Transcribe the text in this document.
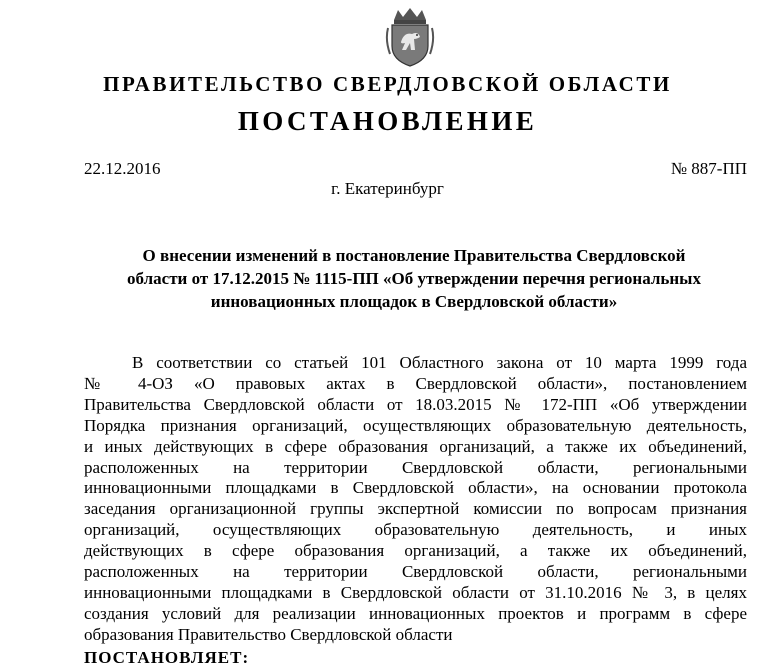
ПРАВИТЕЛЬСТВО СВЕРДЛОВСКОЙ ОБЛАСТИ
ПОСТАНОВЛЕНИЕ
22.12.2016	№ 887-ПП
г. Екатеринбург
О внесении изменений в постановление Правительства Свердловской
области от 17.12.2015 № 1115-ПП «Об утверждении перечня региональных
инновационных площадок в Свердловской области»
В соответствии со статьей 101 Областного закона от 10 марта 1999 года
№ 4-ОЗ «О правовых актах в Свердловской области», постановлением
Правительства Свердловской области от 18.03.2015 № 172-ПП «Об утверждении
Порядка признания организаций, осуществляющих образовательную деятельность,
и иных действующих в сфере образования организаций, а также их объединений,
расположенных на территории Свердловской области, региональными
инновационными площадками в Свердловской области», на основании протокола
заседания организационной группы экспертной комиссии по вопросам признания
организаций, осуществляющих образовательную деятельность, и иных
действующих в сфере образования организаций, а также их объединений,
расположенных на территории Свердловской области, региональными
инновационными площадками в Свердловской области от 31.10.2016 № 3, в целях
создания условий для реализации инновационных проектов и программ в сфере
образования Правительство Свердловской области
ПОСТАНОВЛЯЕТ:
